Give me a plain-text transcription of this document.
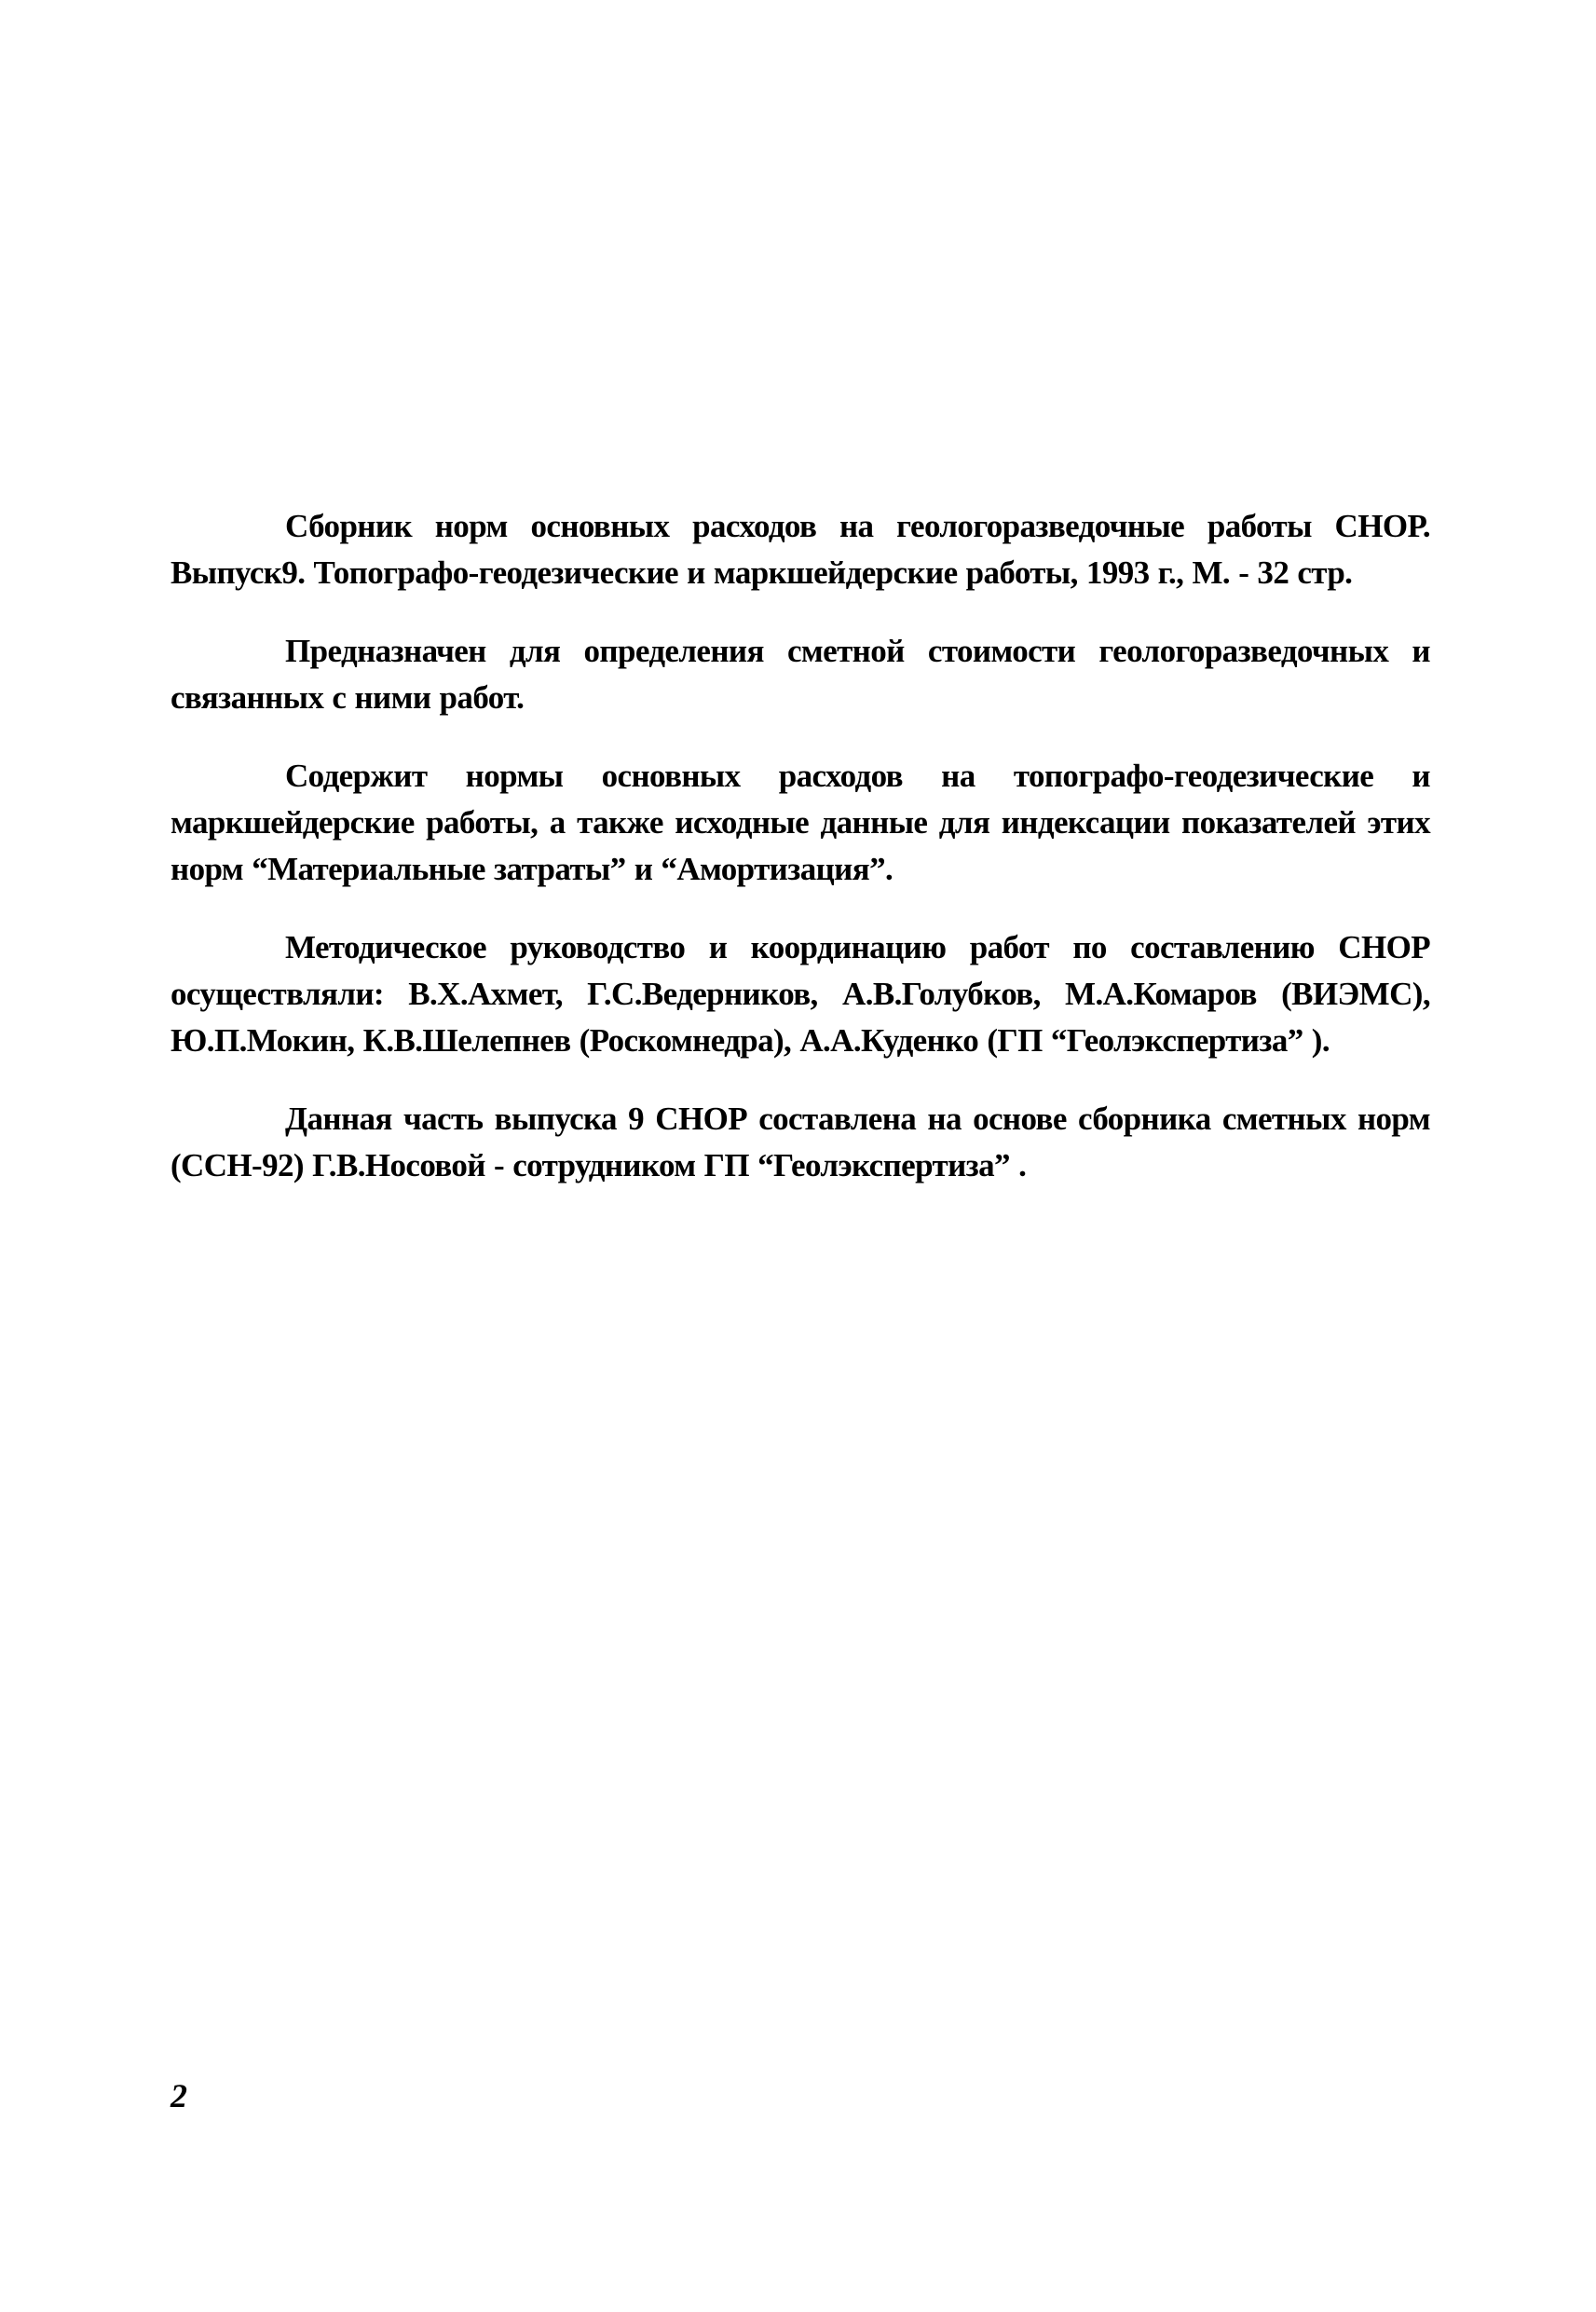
Сборник норм основных расходов на геологоразведочные работы СНОР. Выпуск9. Топографо-геодезические и маркшейдерские работы, 1993 г., М. - 32 стр.

Предназначен для определения сметной стоимости геологоразведочных и связанных с ними работ.

Содержит нормы основных расходов на топографо-геодезические и маркшейдерские работы, а также исходные данные для индексации показателей этих норм “Материальные затраты” и “Амортизация”.

Методическое руководство и координацию работ по составлению СНОР осуществляли: В.Х.Ахмет, Г.С.Ведерников, А.В.Голубков, М.А.Комаров (ВИЭМС), Ю.П.Мокин, К.В.Шелепнев (Роскомнедра), А.А.Куденко (ГП “Геолэкспертиза” ).

Данная часть выпуска 9 СНОР составлена на основе сборника сметных норм (ССН-92) Г.В.Носовой - сотрудником ГП “Геолэкспертиза” .

2
